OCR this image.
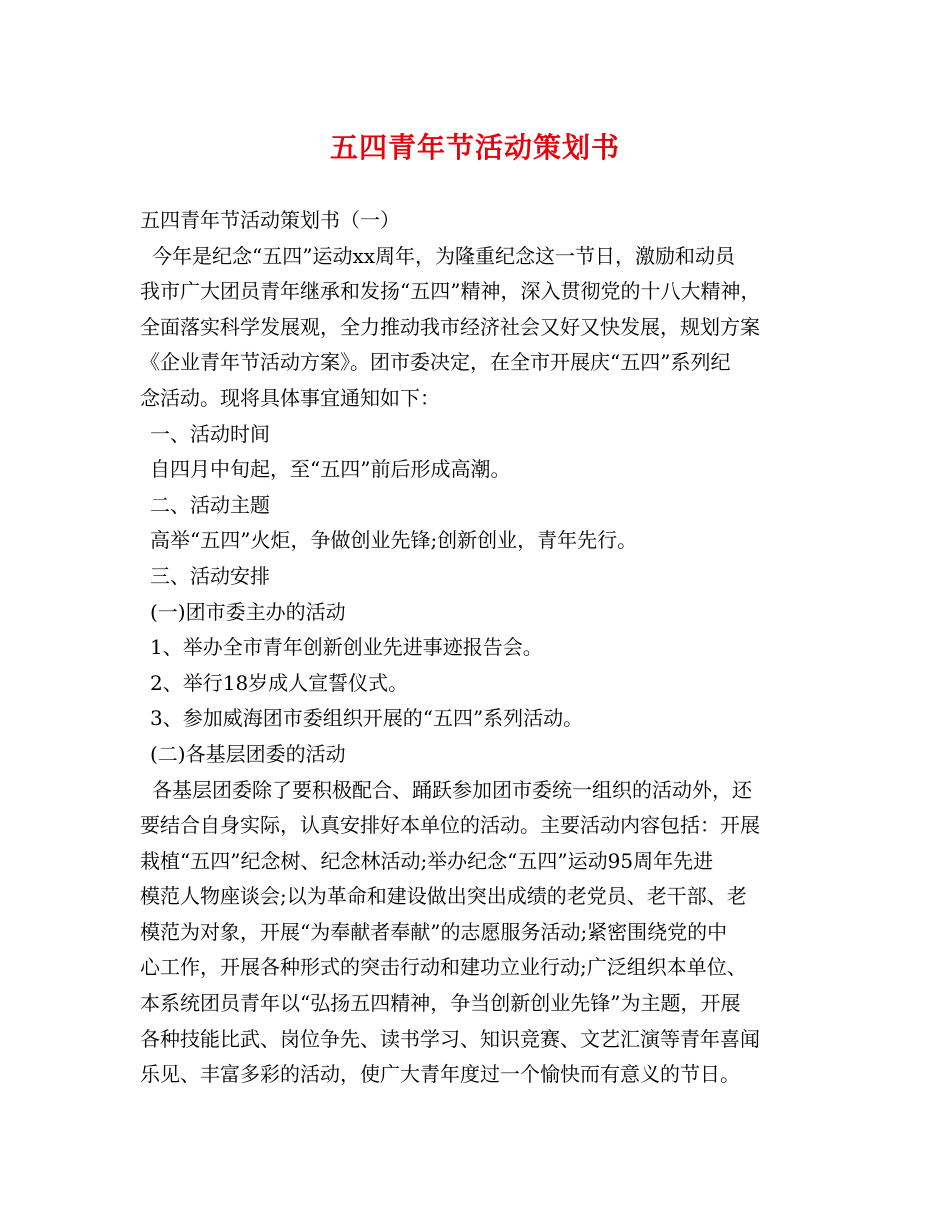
五四青年节活动策划书
五四青年节活动策划书（一）
今年是纪念“五四”运动xx周年，为隆重纪念这一节日，激励和动员
我市广大团员青年继承和发扬“五四”精神，深入贯彻党的十八大精神，
全面落实科学发展观，全力推动我市经济社会又好又快发展，规划方案
《企业青年节活动方案》。团市委决定，在全市开展庆“五四”系列纪
念活动。现将具体事宜通知如下：
一、活动时间
自四月中旬起，至“五四”前后形成高潮。
二、活动主题
高举“五四”火炬，争做创业先锋;创新创业，青年先行。
三、活动安排
(一)团市委主办的活动
1、举办全市青年创新创业先进事迹报告会。
2、举行18岁成人宣誓仪式。
3、参加威海团市委组织开展的“五四”系列活动。
(二)各基层团委的活动
各基层团委除了要积极配合、踊跃参加团市委统一组织的活动外，还
要结合自身实际，认真安排好本单位的活动。主要活动内容包括：开展
栽植“五四”纪念树、纪念林活动;举办纪念“五四”运动95周年先进
模范人物座谈会;以为革命和建设做出突出成绩的老党员、老干部、老
模范为对象，开展“为奉献者奉献”的志愿服务活动;紧密围绕党的中
心工作，开展各种形式的突击行动和建功立业行动;广泛组织本单位、
本系统团员青年以“弘扬五四精神，争当创新创业先锋”为主题，开展
各种技能比武、岗位争先、读书学习、知识竞赛、文艺汇演等青年喜闻
乐见、丰富多彩的活动，使广大青年度过一个愉快而有意义的节日。
